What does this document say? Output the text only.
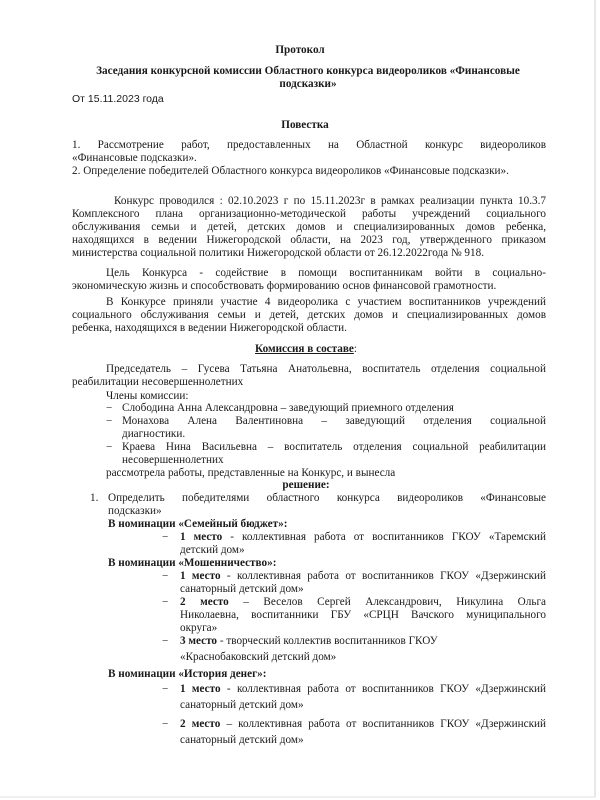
Протокол
Заседания конкурсной комиссии Областного конкурса видеороликов «Финансовые
подсказки»
От 15.11.2023 года
Повестка
1. Рассмотрение работ, предоставленных на Областной конкурс видеороликов
«Финансовые подсказки».
2. Определение победителей Областного конкурса видеороликов «Финансовые подсказки».
Конкурс проводился : 02.10.2023 г по 15.11.2023г в рамках реализации пункта 10.3.7
Комплексного плана организационно-методической работы учреждений социального
обслуживания семьи и детей, детских домов и специализированных домов ребенка,
находящихся в ведении Нижегородской области, на 2023 год, утвержденного приказом
министерства социальной политики Нижегородской области от 26.12.2022года № 918.
Цель Конкурса - содействие в помощи воспитанникам войти в социально-
экономическую жизнь и способствовать формированию основ финансовой грамотности.
В Конкурсе приняли участие 4 видеоролика с участием воспитанников учреждений
социального обслуживания семьи и детей, детских домов и специализированных домов
ребенка, находящихся в ведении Нижегородской области.
Комиссия в составе:
Председатель – Гусева Татьяна Анатольевна, воспитатель отделения социальной
реабилитации несовершеннолетних
Члены комиссии:
− Слободина Анна Александровна – заведующий приемного отделения
− Монахова Алена Валентиновна – заведующий отделения социальной
диагностики.
− Краева Нина Васильевна – воспитатель отделения социальной реабилитации
несовершеннолетних
рассмотрела работы, представленные на Конкурс, и вынесла
решение:
1. Определить победителями областного конкурса видеороликов «Финансовые
подсказки»
В номинации «Семейный бюджет»:
−	1 место - коллективная работа от воспитанников ГКОУ «Таремский
детский дом»
В номинации «Мошенничество»:
−	1 место - коллективная работа от воспитанников ГКОУ «Дзержинский
санаторный детский дом»
−	2 место – Веселов Сергей Александрович, Никулина Ольга
Николаевна, воспитанники ГБУ «СРЦН Вачского муниципального
округа»
−	3 место - творческий коллектив воспитанников ГКОУ
«Краснобаковский детский дом»
В номинации «История денег»:
−	1 место - коллективная работа от воспитанников ГКОУ «Дзержинский
санаторный детский дом»
−	2 место – коллективная работа от воспитанников ГКОУ «Дзержинский
санаторный детский дом»
